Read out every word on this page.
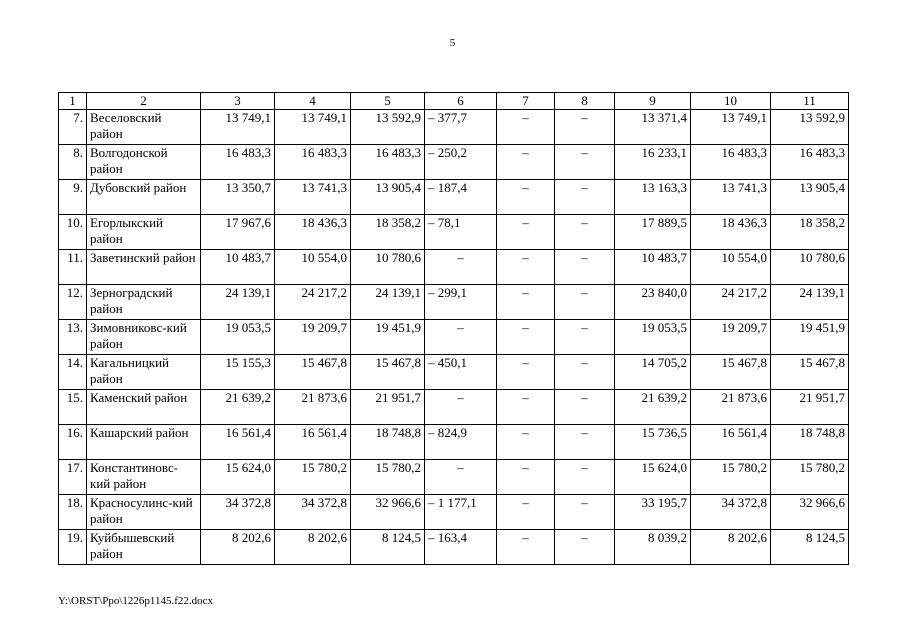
5
1	2	3	4	5	6	7	8	9	10	11
7.	Веселовский район	13 749,1	13 749,1	13 592,9	– 377,7	–	–	13 371,4	13 749,1	13 592,9
8.	Волгодонской район	16 483,3	16 483,3	16 483,3	– 250,2	–	–	16 233,1	16 483,3	16 483,3
9.	Дубовский район	13 350,7	13 741,3	13 905,4	– 187,4	–	–	13 163,3	13 741,3	13 905,4
10.	Егорлыкский район	17 967,6	18 436,3	18 358,2	– 78,1	–	–	17 889,5	18 436,3	18 358,2
11.	Заветинский район	10 483,7	10 554,0	10 780,6	–	–	–	10 483,7	10 554,0	10 780,6
12.	Зерноградский район	24 139,1	24 217,2	24 139,1	– 299,1	–	–	23 840,0	24 217,2	24 139,1
13.	Зимовниковс-кий район	19 053,5	19 209,7	19 451,9	–	–	–	19 053,5	19 209,7	19 451,9
14.	Кагальницкий район	15 155,3	15 467,8	15 467,8	– 450,1	–	–	14 705,2	15 467,8	15 467,8
15.	Каменский район	21 639,2	21 873,6	21 951,7	–	–	–	21 639,2	21 873,6	21 951,7
16.	Кашарский район	16 561,4	16 561,4	18 748,8	– 824,9	–	–	15 736,5	16 561,4	18 748,8
17.	Константиновс-кий район	15 624,0	15 780,2	15 780,2	–	–	–	15 624,0	15 780,2	15 780,2
18.	Красносулинс-кий район	34 372,8	34 372,8	32 966,6	– 1 177,1	–	–	33 195,7	34 372,8	32 966,6
19.	Куйбышевский район	8 202,6	8 202,6	8 124,5	– 163,4	–	–	8 039,2	8 202,6	8 124,5
Y:\ORST\Ppo\1226p1145.f22.docx
